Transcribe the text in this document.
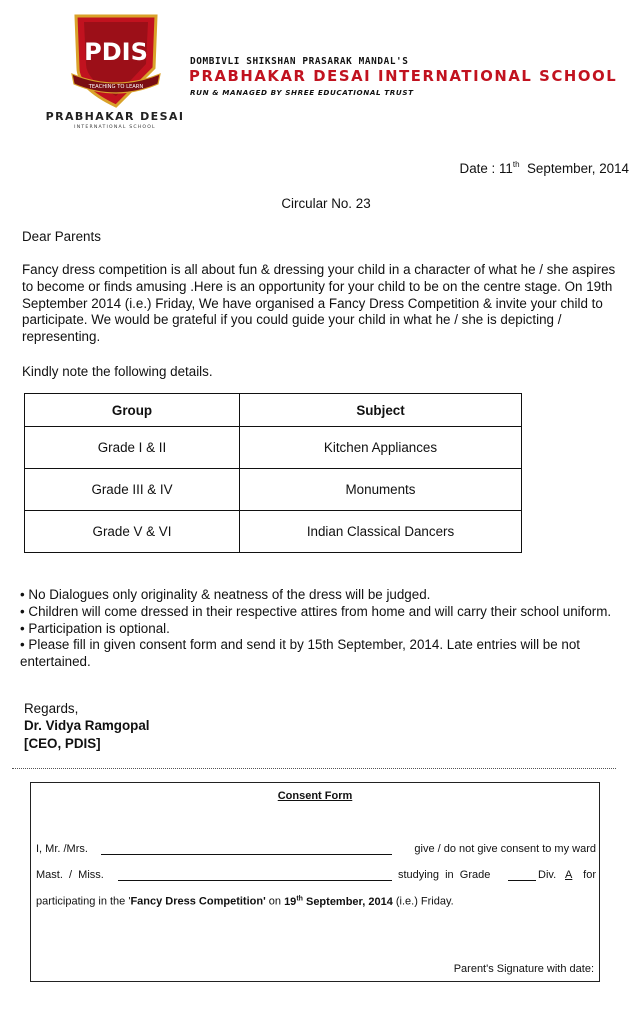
PDIS
TEACHING TO LEARN
PRABHAKAR DESAI
INTERNATIONAL SCHOOL
DOMBIVLI SHIKSHAN PRASARAK MANDAL'S
PRABHAKAR DESAI INTERNATIONAL SCHOOL
RUN & MANAGED BY SHREE EDUCATIONAL TRUST
Date : 11th  September, 2014
Circular No. 23
Dear Parents
Fancy dress competition is all about fun & dressing your child in a character of what he / she aspires to become or finds amusing .Here is an opportunity for your child to be on the centre stage. On 19th September 2014 (i.e.) Friday, We have organised a Fancy Dress Competition & invite your child to participate. We would be grateful if you could guide your child in what he / she is depicting / representing.
Kindly note the following details.
Group	Subject
Grade I & II	Kitchen Appliances
Grade III & IV	Monuments
Grade V & VI	Indian Classical Dancers
• No Dialogues only originality & neatness of the dress will be judged.
• Children will come dressed in their respective attires from home and will carry their school uniform.
• Participation is optional.
• Please fill in given consent form and send it by 15th September, 2014. Late entries will be not entertained.
Regards,
Dr. Vidya Ramgopal
[CEO, PDIS]
Consent Form
I, Mr. /Mrs.	give / do not give consent to my ward
Mast.  /  Miss.	studying  in  Grade	Div. A for
participating in the 'Fancy Dress Competition' on 19th September, 2014 (i.e.) Friday.
Parent's Signature with date:
